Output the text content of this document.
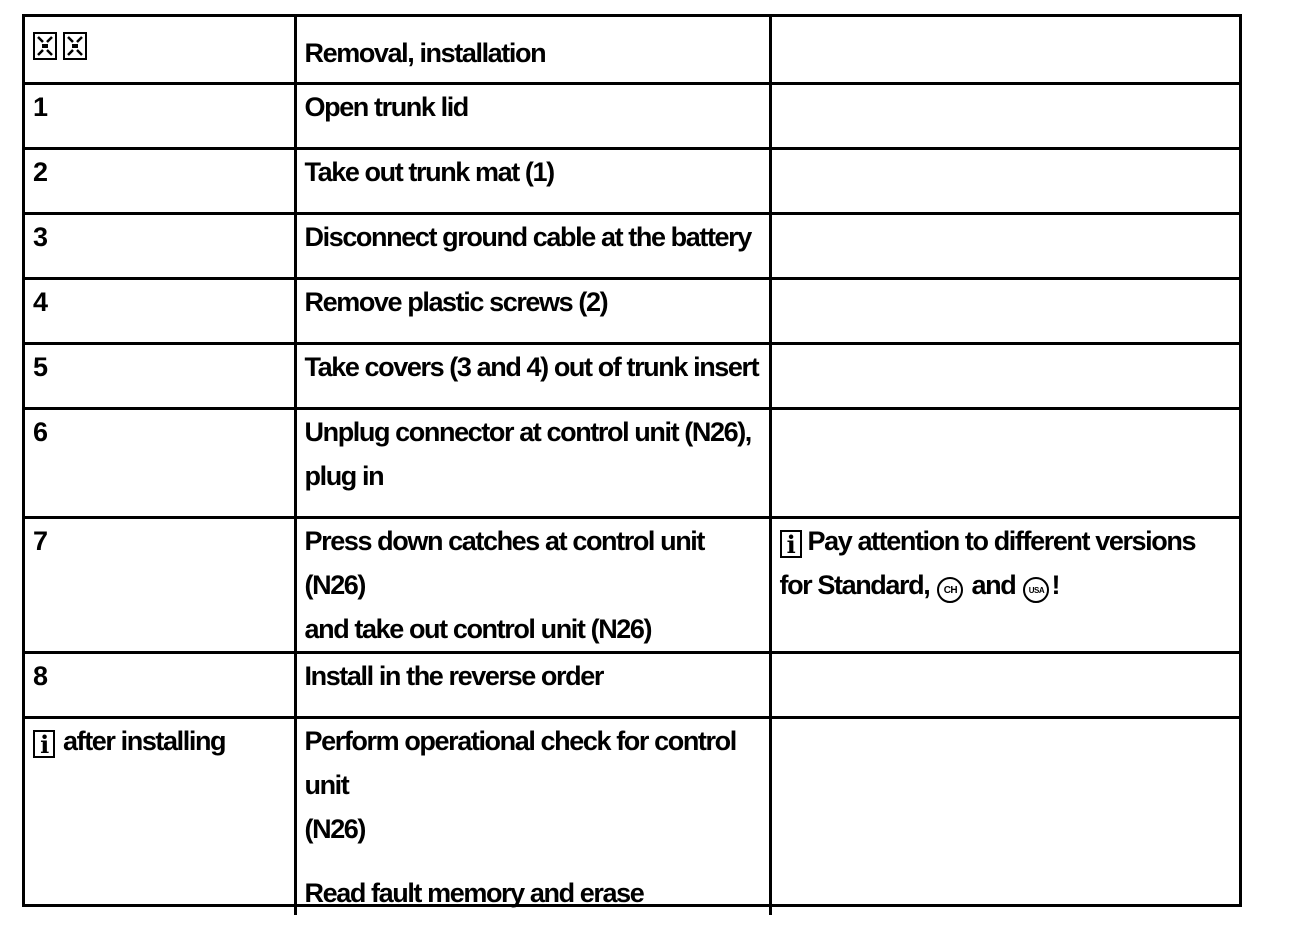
	Removal, installation	
1	Open trunk lid	

2	Take out trunk mat (1)	

3	Disconnect ground cable at the battery	

4	Remove plastic screws (2)	

5	Take covers (3 and 4) out of trunk insert	

6	Unplug connector at control unit (N26),
plug in	

7	Press down catches at control unit (N26)
and take out control unit (N26)	i Pay attention to different versions
for Standard, CH and USA !

8	Install in the reverse order	

i after installing	Perform operational check for control unit
(N26)
Read fault memory and erase	
